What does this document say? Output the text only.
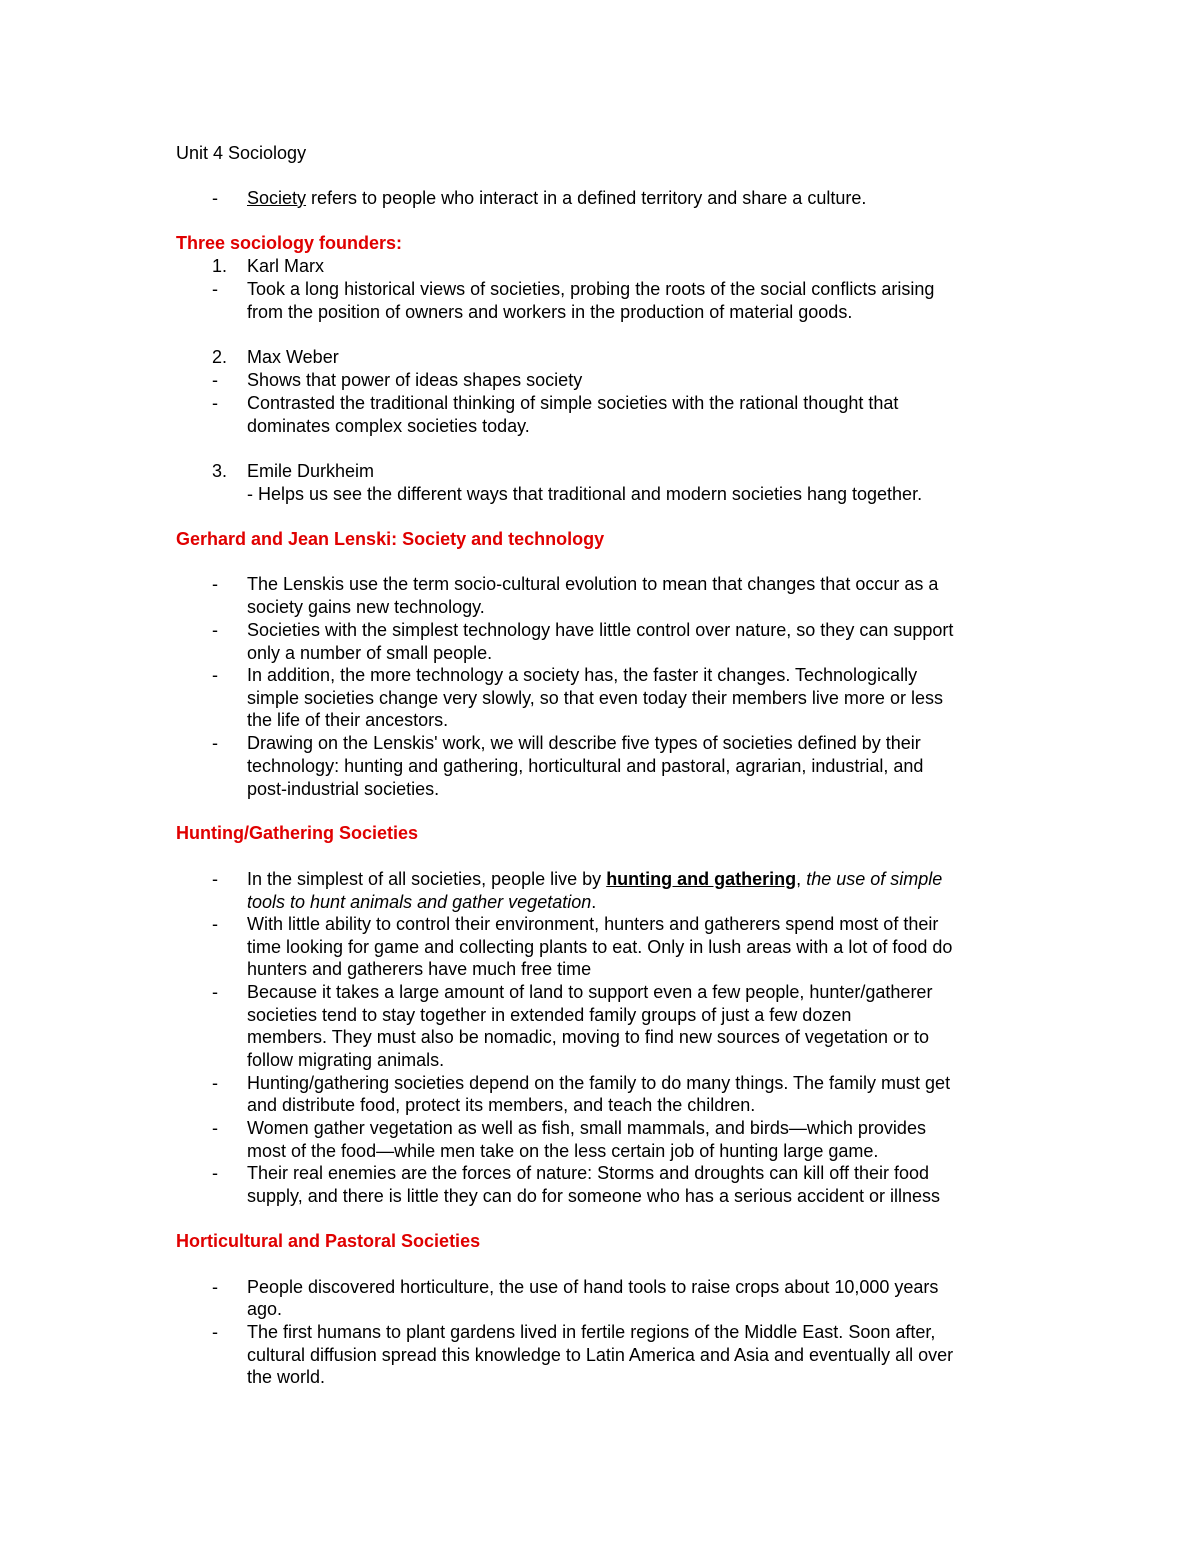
Unit 4 Sociology
- Society refers to people who interact in a defined territory and share a culture.
Three sociology founders:
1. Karl Marx
- Took a long historical views of societies, probing the roots of the social conflicts arising
from the position of owners and workers in the production of material goods.
2. Max Weber
- Shows that power of ideas shapes society
- Contrasted the traditional thinking of simple societies with the rational thought that
dominates complex societies today.
3. Emile Durkheim
- Helps us see the different ways that traditional and modern societies hang together.
Gerhard and Jean Lenski: Society and technology
- The Lenskis use the term socio-cultural evolution to mean that changes that occur as a
society gains new technology.
- Societies with the simplest technology have little control over nature, so they can support
only a number of small people.
- In addition, the more technology a society has, the faster it changes. Technologically
simple societies change very slowly, so that even today their members live more or less
the life of their ancestors.
- Drawing on the Lenskis' work, we will describe five types of societies defined by their
technology: hunting and gathering, horticultural and pastoral, agrarian, industrial, and
post-industrial societies.
Hunting/Gathering Societies
- In the simplest of all societies, people live by hunting and gathering, the use of simple
tools to hunt animals and gather vegetation.
- With little ability to control their environment, hunters and gatherers spend most of their
time looking for game and collecting plants to eat. Only in lush areas with a lot of food do
hunters and gatherers have much free time
- Because it takes a large amount of land to support even a few people, hunter/gatherer
societies tend to stay together in extended family groups of just a few dozen
members. They must also be nomadic, moving to find new sources of vegetation or to
follow migrating animals.
- Hunting/gathering societies depend on the family to do many things. The family must get
and distribute food, protect its members, and teach the children.
- Women gather vegetation as well as fish, small mammals, and birds—which provides
most of the food—while men take on the less certain job of hunting large game.
- Their real enemies are the forces of nature: Storms and droughts can kill off their food
supply, and there is little they can do for someone who has a serious accident or illness
Horticultural and Pastoral Societies
- People discovered horticulture, the use of hand tools to raise crops about 10,000 years
ago.
- The first humans to plant gardens lived in fertile regions of the Middle East. Soon after,
cultural diffusion spread this knowledge to Latin America and Asia and eventually all over
the world.
